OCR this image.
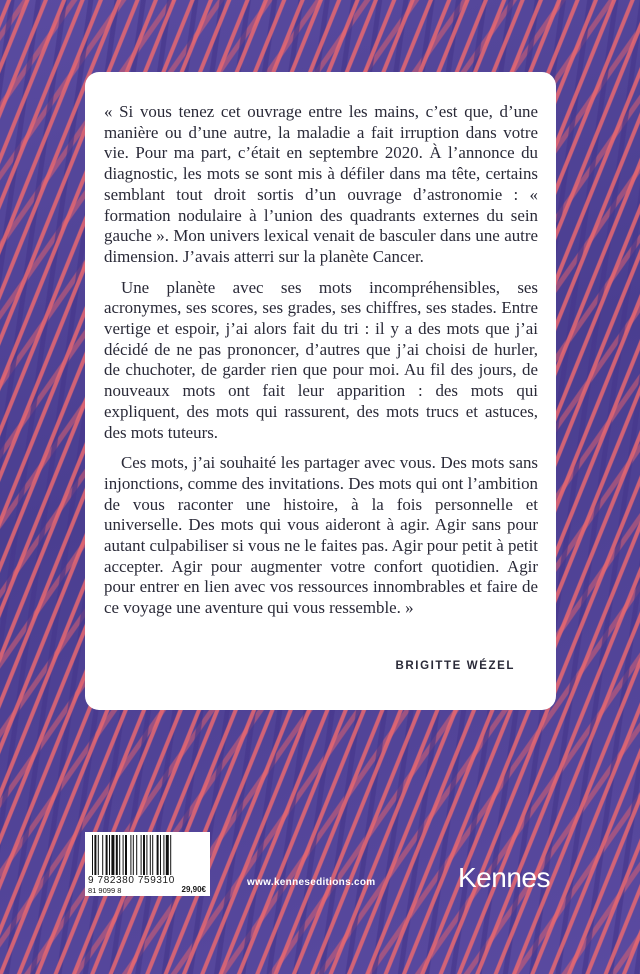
« Si vous tenez cet ouvrage entre les mains, c’est que, d’une manière ou d’une autre, la maladie a fait irruption dans votre vie. Pour ma part, c’était en septembre 2020. À l’annonce du diagnostic, les mots se sont mis à défiler dans ma tête, certains semblant tout droit sortis d’un ouvrage d’astronomie : « formation nodulaire à l’union des quadrants externes du sein gauche ». Mon univers lexical venait de basculer dans une autre dimension. J’avais atterri sur la planète Cancer.

Une planète avec ses mots incompréhensibles, ses acronymes, ses scores, ses grades, ses chiffres, ses stades. Entre vertige et espoir, j’ai alors fait du tri : il y a des mots que j’ai décidé de ne pas prononcer, d’autres que j’ai choisi de hurler, de chuchoter, de garder rien que pour moi. Au fil des jours, de nouveaux mots ont fait leur apparition : des mots qui expliquent, des mots qui rassurent, des mots trucs et astuces, des mots tuteurs.

Ces mots, j’ai souhaité les partager avec vous. Des mots sans injonctions, comme des invitations. Des mots qui ont l’ambition de vous raconter une histoire, à la fois personnelle et universelle. Des mots qui vous aideront à agir. Agir sans pour autant culpabiliser si vous ne le faites pas. Agir pour petit à petit accepter. Agir pour augmenter votre confort quotidien. Agir pour entrer en lien avec vos ressources innombrables et faire de ce voyage une aventure qui vous ressemble. »

BRIGITTE WÉZEL
9 782380 759310
81 9099 8	29,90€
www.kenneseditions.com	Kennes
